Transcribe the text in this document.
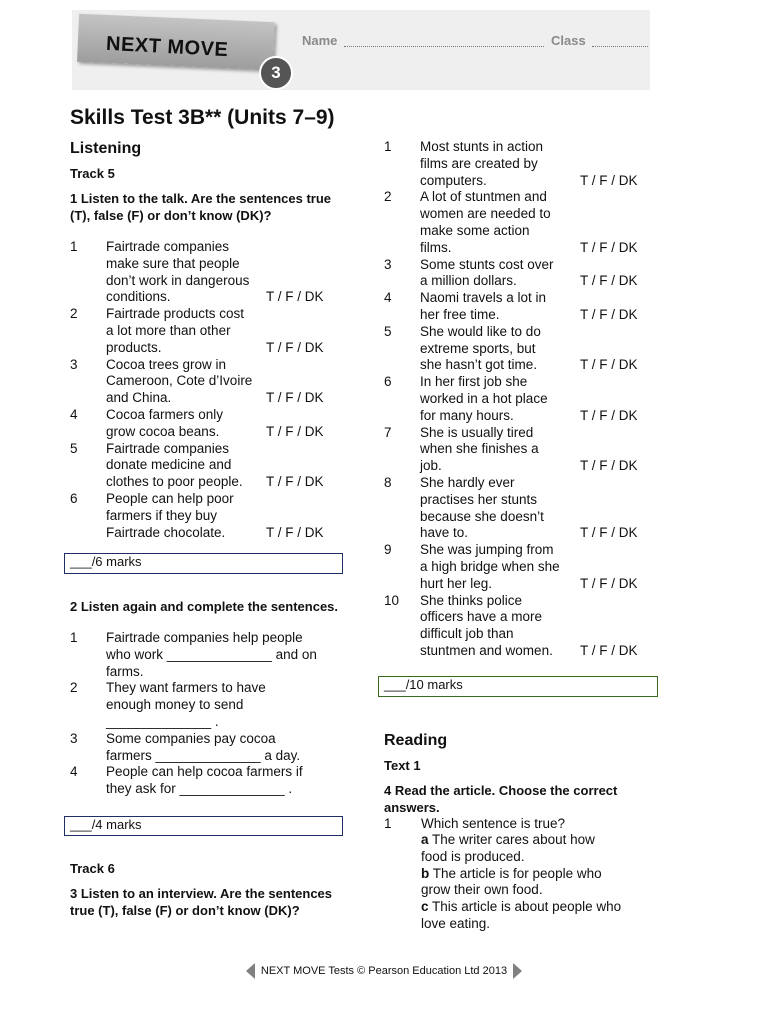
NEXT MOVE
3
Name	Class
Skills Test 3B** (Units 7–9)
Listening
Track 5

1 Listen to the talk. Are the sentences true (T), false (F) or don’t know (DK)?

1 Fairtrade companies
make sure that people
don’t work in dangerous
conditions.	T / F / DK
2 Fairtrade products cost
a lot more than other
products.	T / F / DK
3 Cocoa trees grow in
Cameroon, Cote d’Ivoire
and China.	T / F / DK
4 Cocoa farmers only
grow cocoa beans.	T / F / DK
5 Fairtrade companies
donate medicine and
clothes to poor people. T / F / DK
6 People can help poor
farmers if they buy
Fairtrade chocolate.	T / F / DK
___/6 marks

2 Listen again and complete the sentences.

1 Fairtrade companies help people
who work ______________ and on
farms.
2 They want farmers to have
enough money to send
______________ .
3 Some companies pay cocoa
farmers ______________ a day.
4 People can help cocoa farmers if
they ask for ______________ .
___/4 marks
Track 6

3 Listen to an interview. Are the sentences true (T), false (F) or don’t know (DK)?

1 Most stunts in action
films are created by
computers.	T / F / DK
2 A lot of stuntmen and
women are needed to
make some action
films.	T / F / DK
3 Some stunts cost over
a million dollars.	T / F / DK
4 Naomi travels a lot in
her free time.	T / F / DK
5 She would like to do
extreme sports, but
she hasn’t got time.	T / F / DK
6 In her first job she
worked in a hot place
for many hours.	T / F / DK
7 She is usually tired
when she finishes a
job.	T / F / DK
8 She hardly ever
practises her stunts
because she doesn’t
have to.	T / F / DK
9 She was jumping from
a high bridge when she
hurt her leg.	T / F / DK
10 She thinks police
officers have a more
difficult job than
stuntmen and women. T / F / DK
___/10 marks
Reading
Text 1

4 Read the article. Choose the correct answers.

1 Which sentence is true?
a The writer cares about how
food is produced.
b The article is for people who
grow their own food.
c This article is about people who
love eating.
NEXT MOVE Tests © Pearson Education Ltd 2013
